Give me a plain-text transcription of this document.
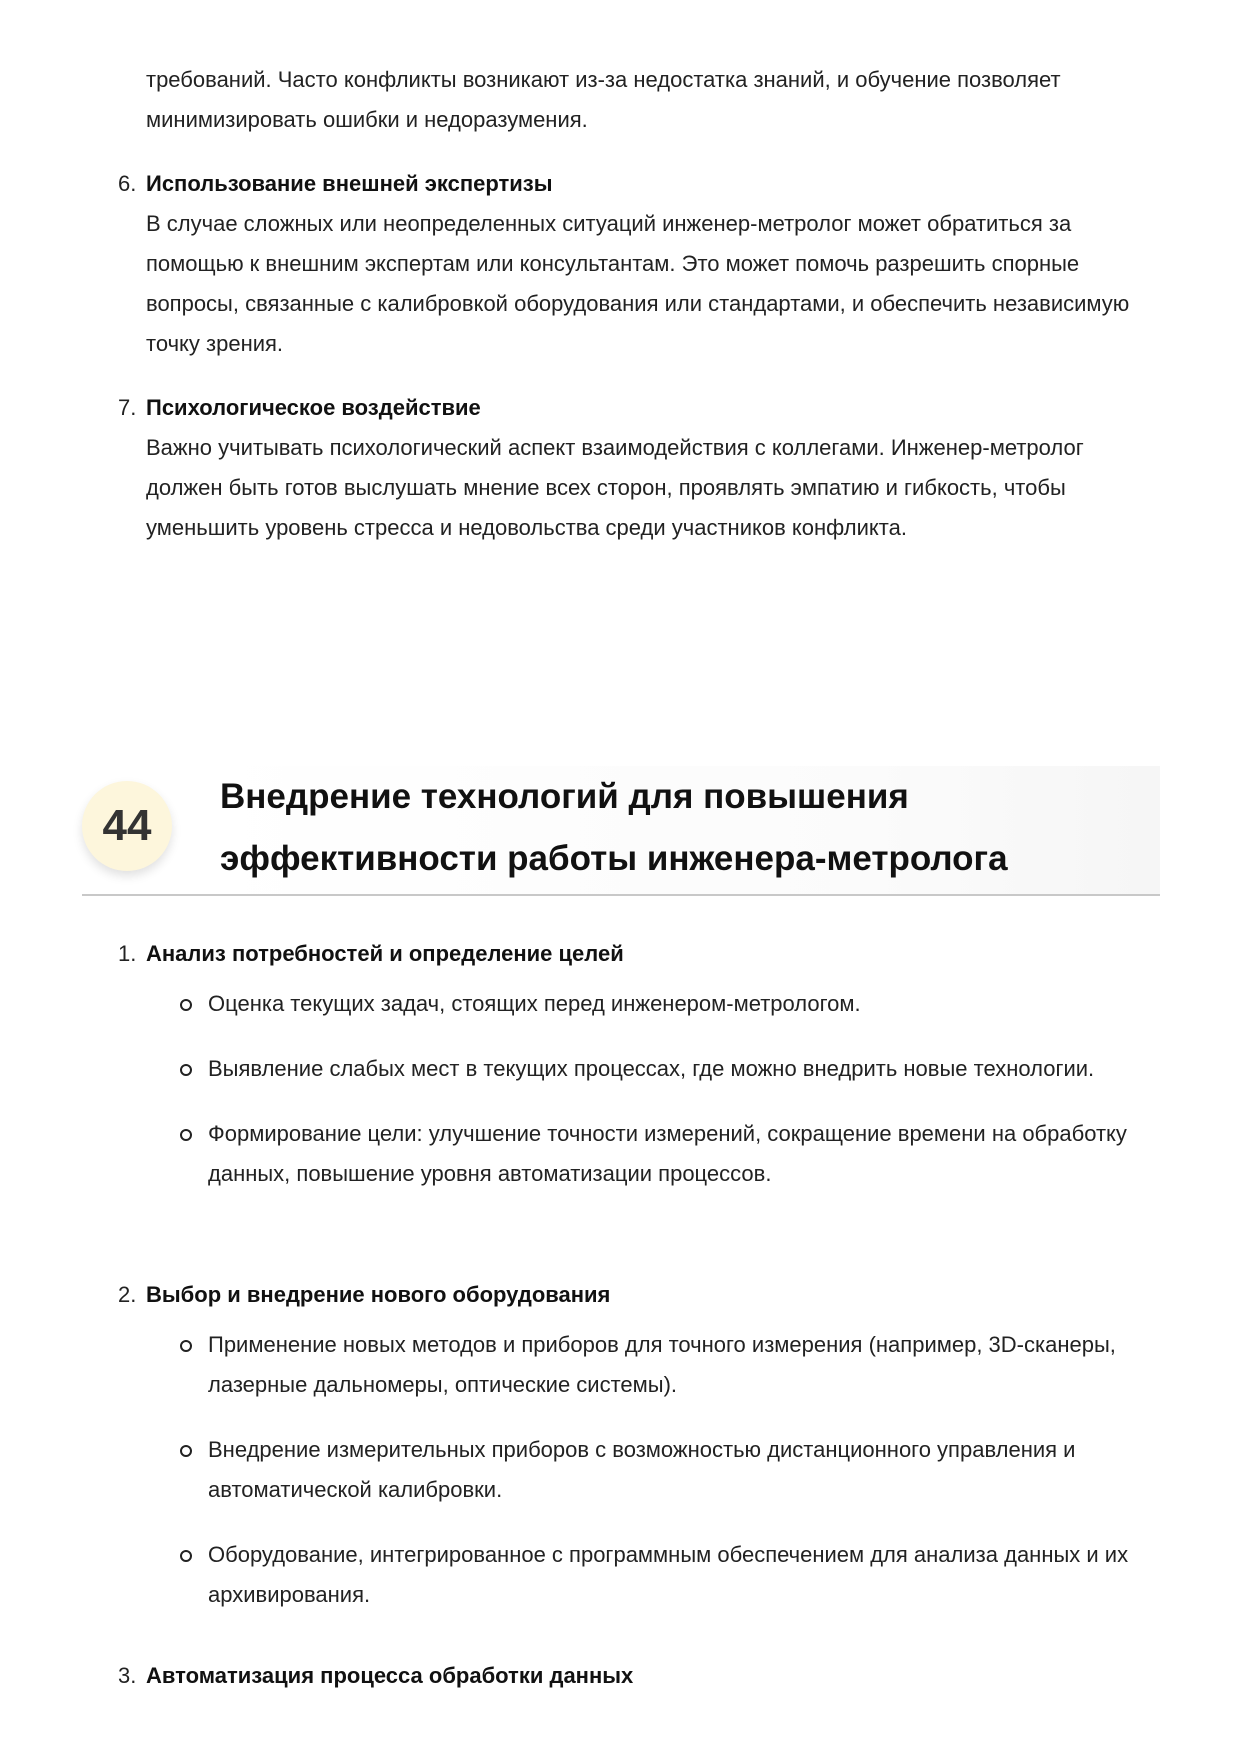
требований. Часто конфликты возникают из-за недостатка знаний, и обучение позволяет минимизировать ошибки и недоразумения.

6. Использование внешней экспертизы
В случае сложных или неопределенных ситуаций инженер-метролог может обратиться за помощью к внешним экспертам или консультантам. Это может помочь разрешить спорные вопросы, связанные с калибровкой оборудования или стандартами, и обеспечить независимую точку зрения.
7. Психологическое воздействие
Важно учитывать психологический аспект взаимодействия с коллегами. Инженер-метролог должен быть готов выслушать мнение всех сторон, проявлять эмпатию и гибкость, чтобы уменьшить уровень стресса и недовольства среди участников конфликта.
44
Внедрение технологий для повышения эффективности работы инженера-метролога
1. Анализ потребностей и определение целей
Оценка текущих задач, стоящих перед инженером-метрологом.
Выявление слабых мест в текущих процессах, где можно внедрить новые технологии.
Формирование цели: улучшение точности измерений, сокращение времени на обработку данных, повышение уровня автоматизации процессов.
2. Выбор и внедрение нового оборудования
Применение новых методов и приборов для точного измерения (например, 3D-сканеры, лазерные дальномеры, оптические системы).
Внедрение измерительных приборов с возможностью дистанционного управления и автоматической калибровки.
Оборудование, интегрированное с программным обеспечением для анализа данных и их архивирования.
3. Автоматизация процесса обработки данных
